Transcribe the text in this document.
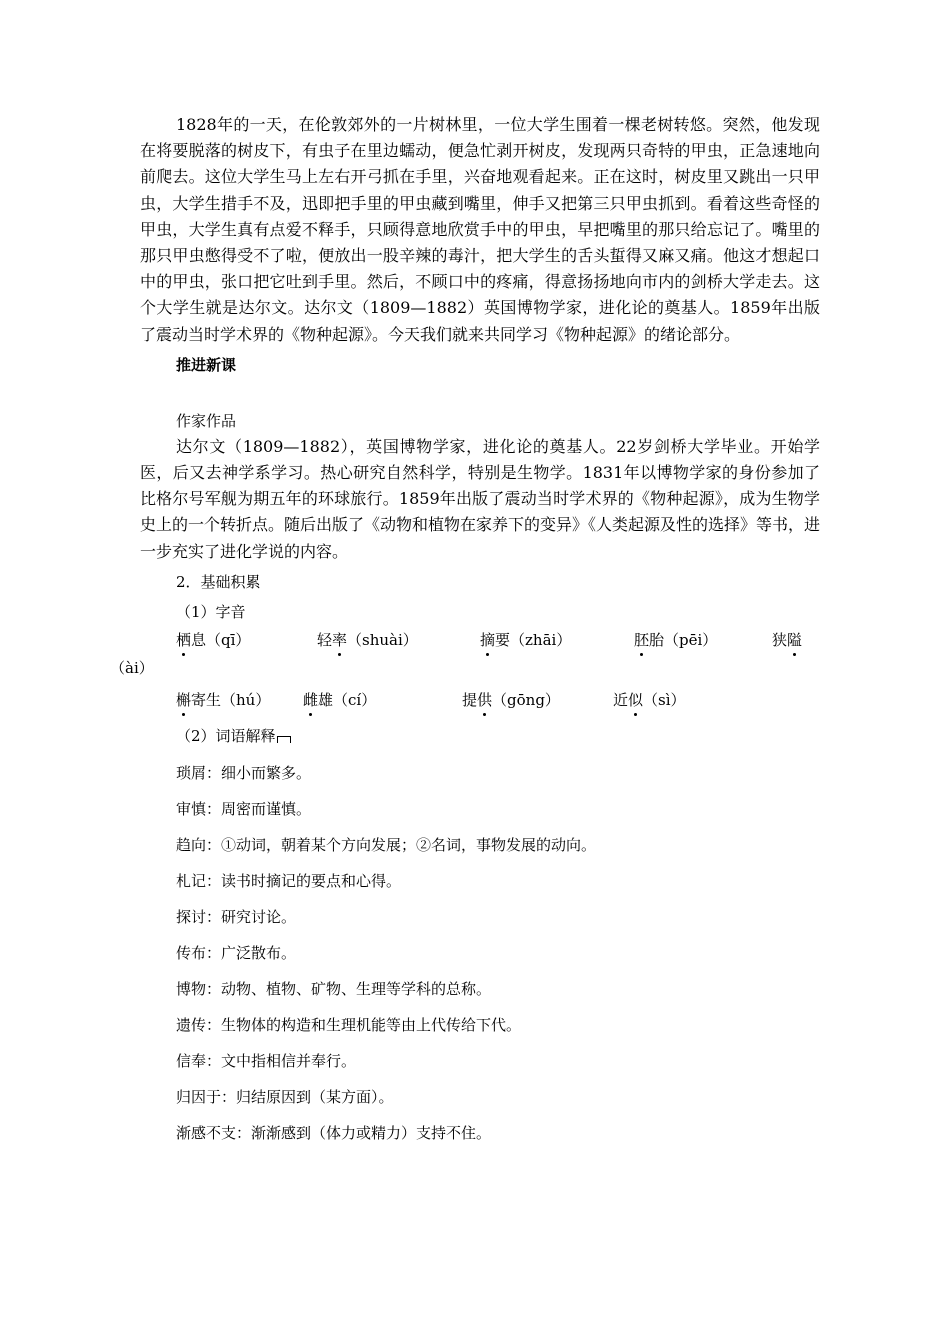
1828年的一天，在伦敦郊外的一片树林里，一位大学生围着一棵老树转悠。突然，他发现在将要脱落的树皮下，有虫子在里边蠕动，便急忙剥开树皮，发现两只奇特的甲虫，正急速地向前爬去。这位大学生马上左右开弓抓在手里，兴奋地观看起来。正在这时，树皮里又跳出一只甲虫，大学生措手不及，迅即把手里的甲虫藏到嘴里，伸手又把第三只甲虫抓到。看着这些奇怪的甲虫，大学生真有点爱不释手，只顾得意地欣赏手中的甲虫，早把嘴里的那只给忘记了。嘴里的那只甲虫憋得受不了啦，便放出一股辛辣的毒汁，把大学生的舌头蜇得又麻又痛。他这才想起口中的甲虫，张口把它吐到手里。然后，不顾口中的疼痛，得意扬扬地向市内的剑桥大学走去。这个大学生就是达尔文。达尔文（1809—1882）英国博物学家，进化论的奠基人。1859年出版了震动当时学术界的《物种起源》。今天我们就来共同学习《物种起源》的绪论部分。

推进新课

作家作品

达尔文（1809—1882），英国博物学家，进化论的奠基人。22岁剑桥大学毕业。开始学医，后又去神学系学习。热心研究自然科学，特别是生物学。1831年以博物学家的身份参加了比格尔号军舰为期五年的环球旅行。1859年出版了震动当时学术界的《物种起源》，成为生物学史上的一个转折点。随后出版了《动物和植物在家养下的变异》《人类起源及性的选择》等书，进一步充实了进化学说的内容。

2．基础积累

（1）字音

栖息（qī）	轻率（shuài）	摘要（zhāi）	胚胎（pēi）	狭隘

（ài）

槲寄生（hú） 雌雄（cí）	提供（gōng）	近似（sì）

（2）词语解释

琐屑：细小而繁多。

审慎：周密而谨慎。

趋向：①动词，朝着某个方向发展；②名词，事物发展的动向。

札记：读书时摘记的要点和心得。

探讨：研究讨论。

传布：广泛散布。

博物：动物、植物、矿物、生理等学科的总称。

遗传：生物体的构造和生理机能等由上代传给下代。

信奉：文中指相信并奉行。

归因于：归结原因到（某方面）。

渐感不支：渐渐感到（体力或精力）支持不住。
